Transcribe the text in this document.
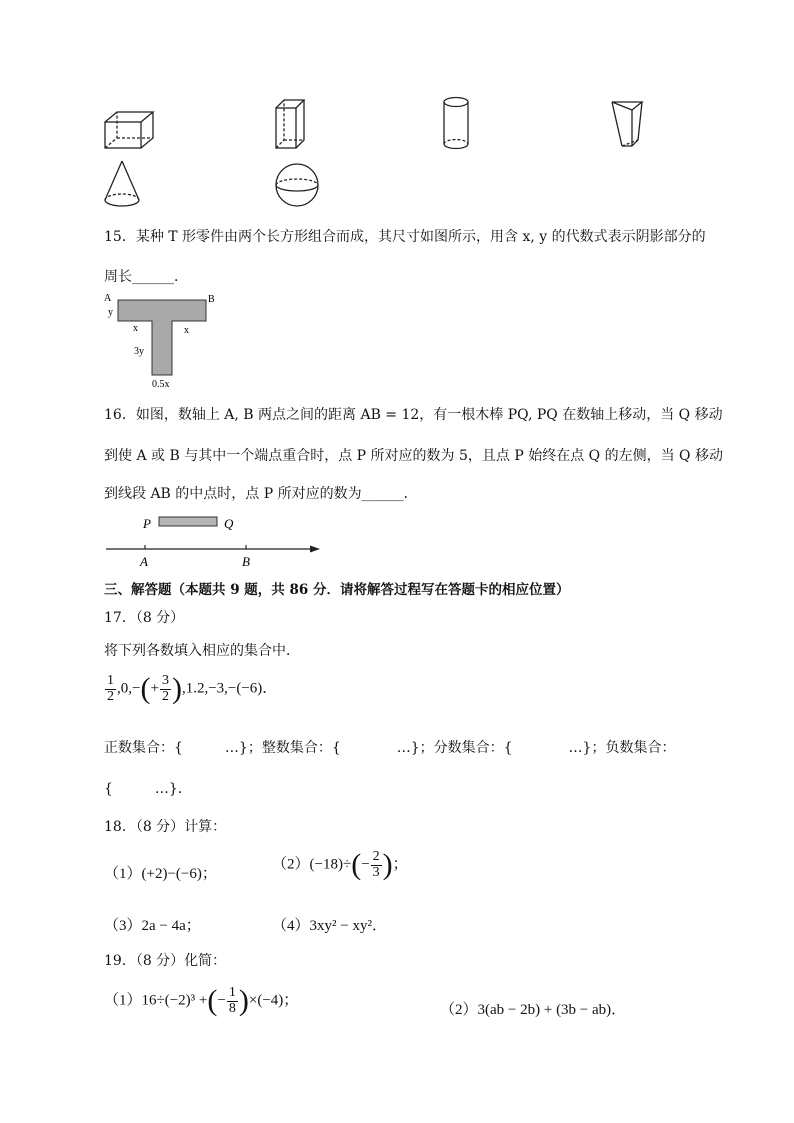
15．某种 T 形零件由两个长方形组合而成，其尺寸如图所示，用含 x, y 的代数式表示阴影部分的
周长______．
A	B
y
x	x
3y
0.5x
16．如图，数轴上 A, B 两点之间的距离 AB = 12，有一根木棒 PQ, PQ 在数轴上移动，当 Q 移动
到使 A 或 B 与其中一个端点重合时，点 P 所对应的数为 5，且点 P 始终在点 Q 的左侧，当 Q 移动
到线段 AB 的中点时，点 P 所对应的数为______．
P	Q
A	B
三、解答题（本题共 9 题，共 86 分．请将解答过程写在答题卡的相应位置）
17．（8 分）
将下列各数填入相应的集合中．
$\frac{1}{2} ,0,-(+ \frac{3}{2} ),1.2,-3,-(-6)$．
正数集合：{　　　…}；整数集合：{　　　　…}；分数集合：{　　　　…}；负数集合：
{　　　…}．
18．（8 分）计算：
（1）(+2)−(−6)；
$(2)(-18)\div(- \frac{2}{3}$ )；
（3）2a − 4a；	（4）3xy² − xy²．
19．（8 分）化简：
（1）16÷(−2)³ +(− $\frac{1}{8} )\times(-4)$；
（2）3(ab − 2b) + (3b − ab)．
